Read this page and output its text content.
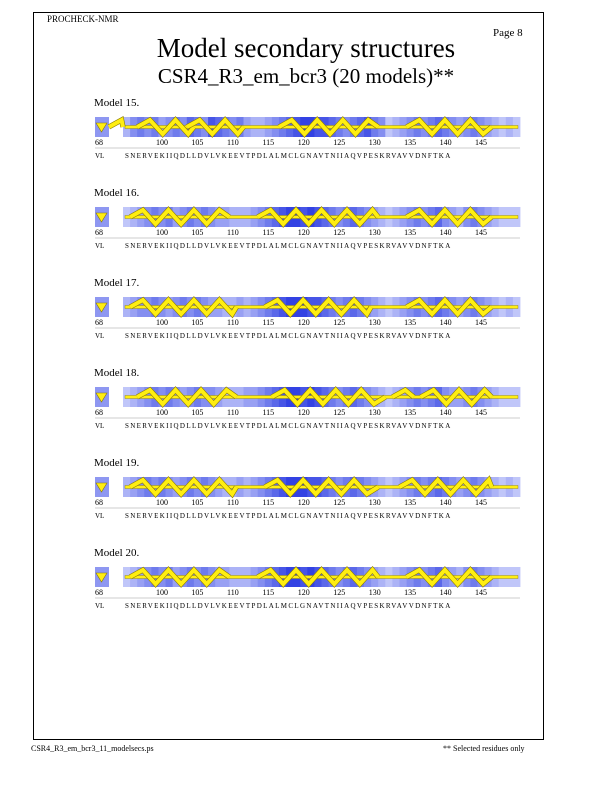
PROCHECK-NMR
Page 8
Model secondary structures
CSR4_R3_em_bcr3 (20 models)**
Model 15.
100	105	110	115	120	125	130	135	140	145
68
VL	SNERVEKIIQDLLDVLVKEEVTPDLALMCLGNAVTNIIAQVPESKRVAVVDNFTKA
Model 16.
100	105	110	115	120	125	130	135	140	145
68
VL	SNERVEKIIQDLLDVLVKEEVTPDLALMCLGNAVTNIIAQVPESKRVAVVDNFTKA
Model 17.
100	105	110	115	120	125	130	135	140	145
68
VL	SNERVEKIIQDLLDVLVKEEVTPDLALMCLGNAVTNIIAQVPESKRVAVVDNFTKA
Model 18.
100	105	110	115	120	125	130	135	140	145
68
VL	SNERVEKIIQDLLDVLVKEEVTPDLALMCLGNAVTNIIAQVPESKRVAVVDNFTKA
Model 19.
100	105	110	115	120	125	130	135	140	145
68
VL	SNERVEKIIQDLLDVLVKEEVTPDLALMCLGNAVTNIIAQVPESKRVAVVDNFTKA
Model 20.
100	105	110	115	120	125	130	135	140	145
68
VL	SNERVEKIIQDLLDVLVKEEVTPDLALMCLGNAVTNIIAQVPESKRVAVVDNFTKA
CSR4_R3_em_bcr3_11_modelsecs.ps	** Selected residues only
